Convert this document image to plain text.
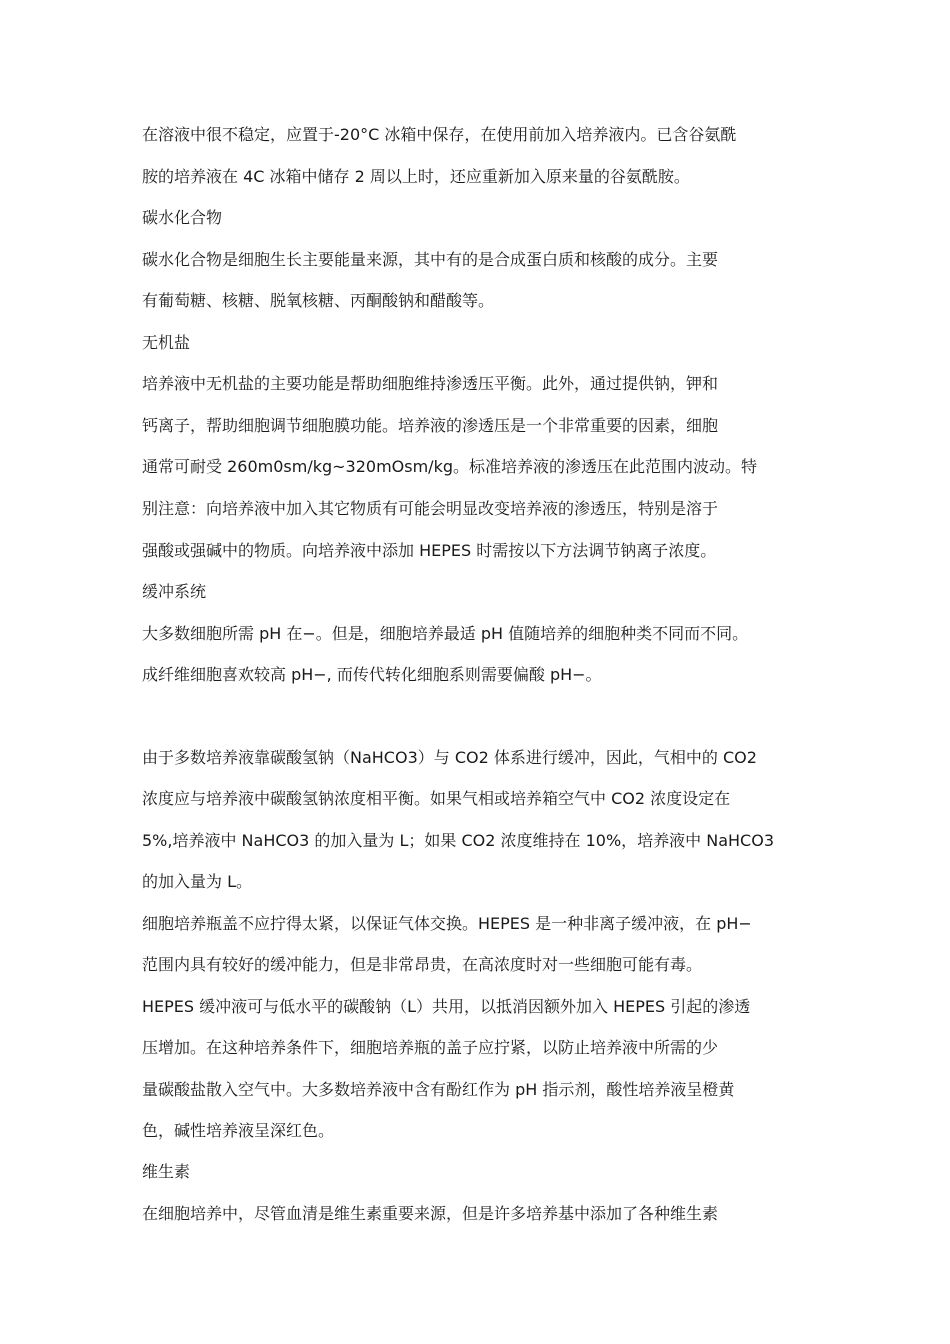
在溶液中很不稳定，应置于-20°C 冰箱中保存，在使用前加入培养液内。已含谷氨酰
胺的培养液在 4C 冰箱中储存 2 周以上时，还应重新加入原来量的谷氨酰胺。
碳水化合物
碳水化合物是细胞生长主要能量来源，其中有的是合成蛋白质和核酸的成分。主要
有葡萄糖、核糖、脱氧核糖、丙酮酸钠和醋酸等。
无机盐
培养液中无机盐的主要功能是帮助细胞维持渗透压平衡。此外，通过提供钠，钾和
钙离子，帮助细胞调节细胞膜功能。培养液的渗透压是一个非常重要的因素，细胞
通常可耐受 260m0sm/kg~320mOsm/kg。标准培养液的渗透压在此范围内波动。特
别注意：向培养液中加入其它物质有可能会明显改变培养液的渗透压，特别是溶于
强酸或强碱中的物质。向培养液中添加 HEPES 时需按以下方法调节钠离子浓度。
缓冲系统
大多数细胞所需 pH 在−。但是，细胞培养最适 pH 值随培养的细胞种类不同而不同。
成纤维细胞喜欢较高 pH−, 而传代转化细胞系则需要偏酸 pH−。
由于多数培养液靠碳酸氢钠（NaHCO3）与 CO2 体系进行缓冲，因此，气相中的 CO2
浓度应与培养液中碳酸氢钠浓度相平衡。如果气相或培养箱空气中 CO2 浓度设定在
5%,培养液中 NaHCO3 的加入量为 L；如果 CO2 浓度维持在 10%，培养液中 NaHCO3
的加入量为 L。
细胞培养瓶盖不应拧得太紧，以保证气体交换。HEPES 是一种非离子缓冲液，在 pH−
范围内具有较好的缓冲能力，但是非常昂贵，在高浓度时对一些细胞可能有毒。
HEPES 缓冲液可与低水平的碳酸钠（L）共用，以抵消因额外加入 HEPES 引起的渗透
压增加。在这种培养条件下，细胞培养瓶的盖子应拧紧，以防止培养液中所需的少
量碳酸盐散入空气中。大多数培养液中含有酚红作为 pH 指示剂，酸性培养液呈橙黄
色，碱性培养液呈深红色。
维生素
在细胞培养中，尽管血清是维生素重要来源，但是许多培养基中添加了各种维生素
